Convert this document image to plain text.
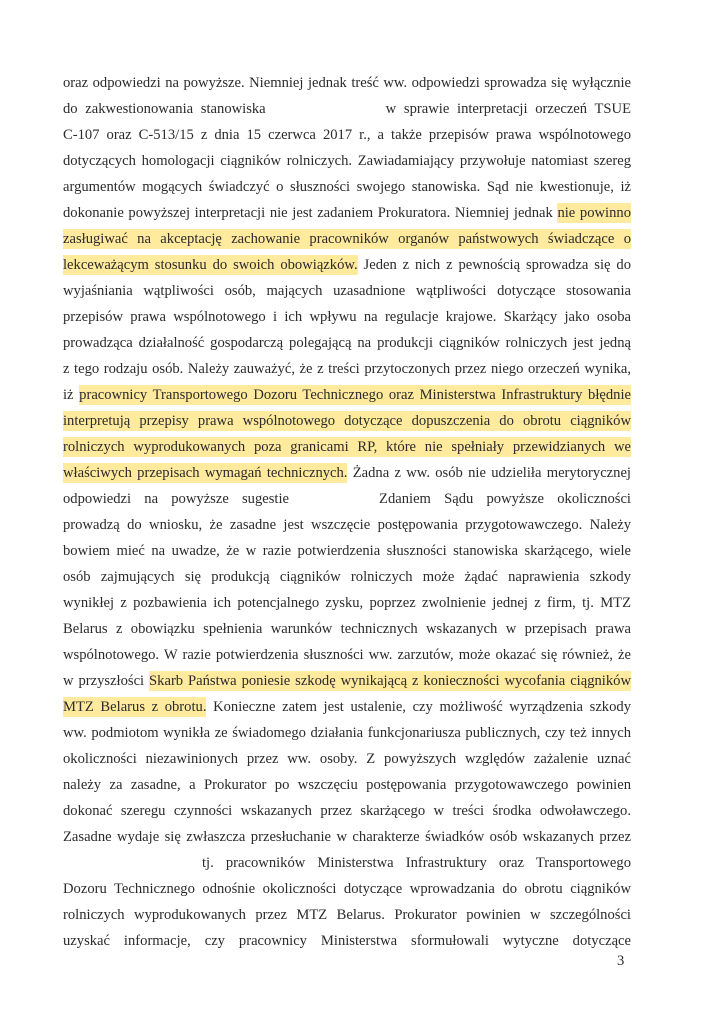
oraz odpowiedzi na powyższe. Niemniej jednak treść ww. odpowiedzi sprowadza się wyłącznie
do zakwestionowania stanowiska	w sprawie interpretacji orzeczeń TSUE
C-107 oraz C-513/15 z dnia 15 czerwca 2017 r., a także przepisów prawa wspólnotowego
dotyczących homologacji ciągników rolniczych. Zawiadamiający przywołuje natomiast szereg
argumentów mogących świadczyć o słuszności swojego stanowiska. Sąd nie kwestionuje, iż
dokonanie powyższej interpretacji nie jest zadaniem Prokuratora. Niemniej jednak nie powinno
zasługiwać na akceptację zachowanie pracowników organów państwowych świadczące o
lekceważącym stosunku do swoich obowiązków. Jeden z nich z pewnością sprowadza się do
wyjaśniania wątpliwości osób, mających uzasadnione wątpliwości dotyczące stosowania
przepisów prawa wspólnotowego i ich wpływu na regulacje krajowe. Skarżący jako osoba
prowadząca działalność gospodarczą polegającą na produkcji ciągników rolniczych jest jedną
z tego rodzaju osób. Należy zauważyć, że z treści przytoczonych przez niego orzeczeń wynika,
iż pracownicy Transportowego Dozoru Technicznego oraz Ministerstwa Infrastruktury błędnie
interpretują przepisy prawa wspólnotowego dotyczące dopuszczenia do obrotu ciągników
rolniczych wyprodukowanych poza granicami RP, które nie spełniały przewidzianych we
właściwych przepisach wymagań technicznych. Żadna z ww. osób nie udzieliła merytorycznej
odpowiedzi na powyższe sugestie	Zdaniem Sądu powyższe okoliczności
prowadzą do wniosku, że zasadne jest wszczęcie postępowania przygotowawczego. Należy
bowiem mieć na uwadze, że w razie potwierdzenia słuszności stanowiska skarżącego, wiele
osób zajmujących się produkcją ciągników rolniczych może żądać naprawienia szkody
wynikłej z pozbawienia ich potencjalnego zysku, poprzez zwolnienie jednej z firm, tj. MTZ
Belarus z obowiązku spełnienia warunków technicznych wskazanych w przepisach prawa
wspólnotowego. W razie potwierdzenia słuszności ww. zarzutów, może okazać się również, że
w przyszłości Skarb Państwa poniesie szkodę wynikającą z konieczności wycofania ciągników
MTZ Belarus z obrotu. Konieczne zatem jest ustalenie, czy możliwość wyrządzenia szkody
ww. podmiotom wynikła ze świadomego działania funkcjonariusza publicznych, czy też innych
okoliczności niezawinionych przez ww. osoby. Z powyższych względów zażalenie uznać
należy za zasadne, a Prokurator po wszczęciu postępowania przygotowawczego powinien
dokonać szeregu czynności wskazanych przez skarżącego w treści środka odwoławczego.
Zasadne wydaje się zwłaszcza przesłuchanie w charakterze świadków osób wskazanych przez
tj. pracowników Ministerstwa Infrastruktury oraz Transportowego
Dozoru Technicznego odnośnie okoliczności dotyczące wprowadzania do obrotu ciągników
rolniczych wyprodukowanych przez MTZ Belarus. Prokurator powinien w szczególności
uzyskać informacje, czy pracownicy Ministerstwa sformułowali wytyczne dotyczące
3
